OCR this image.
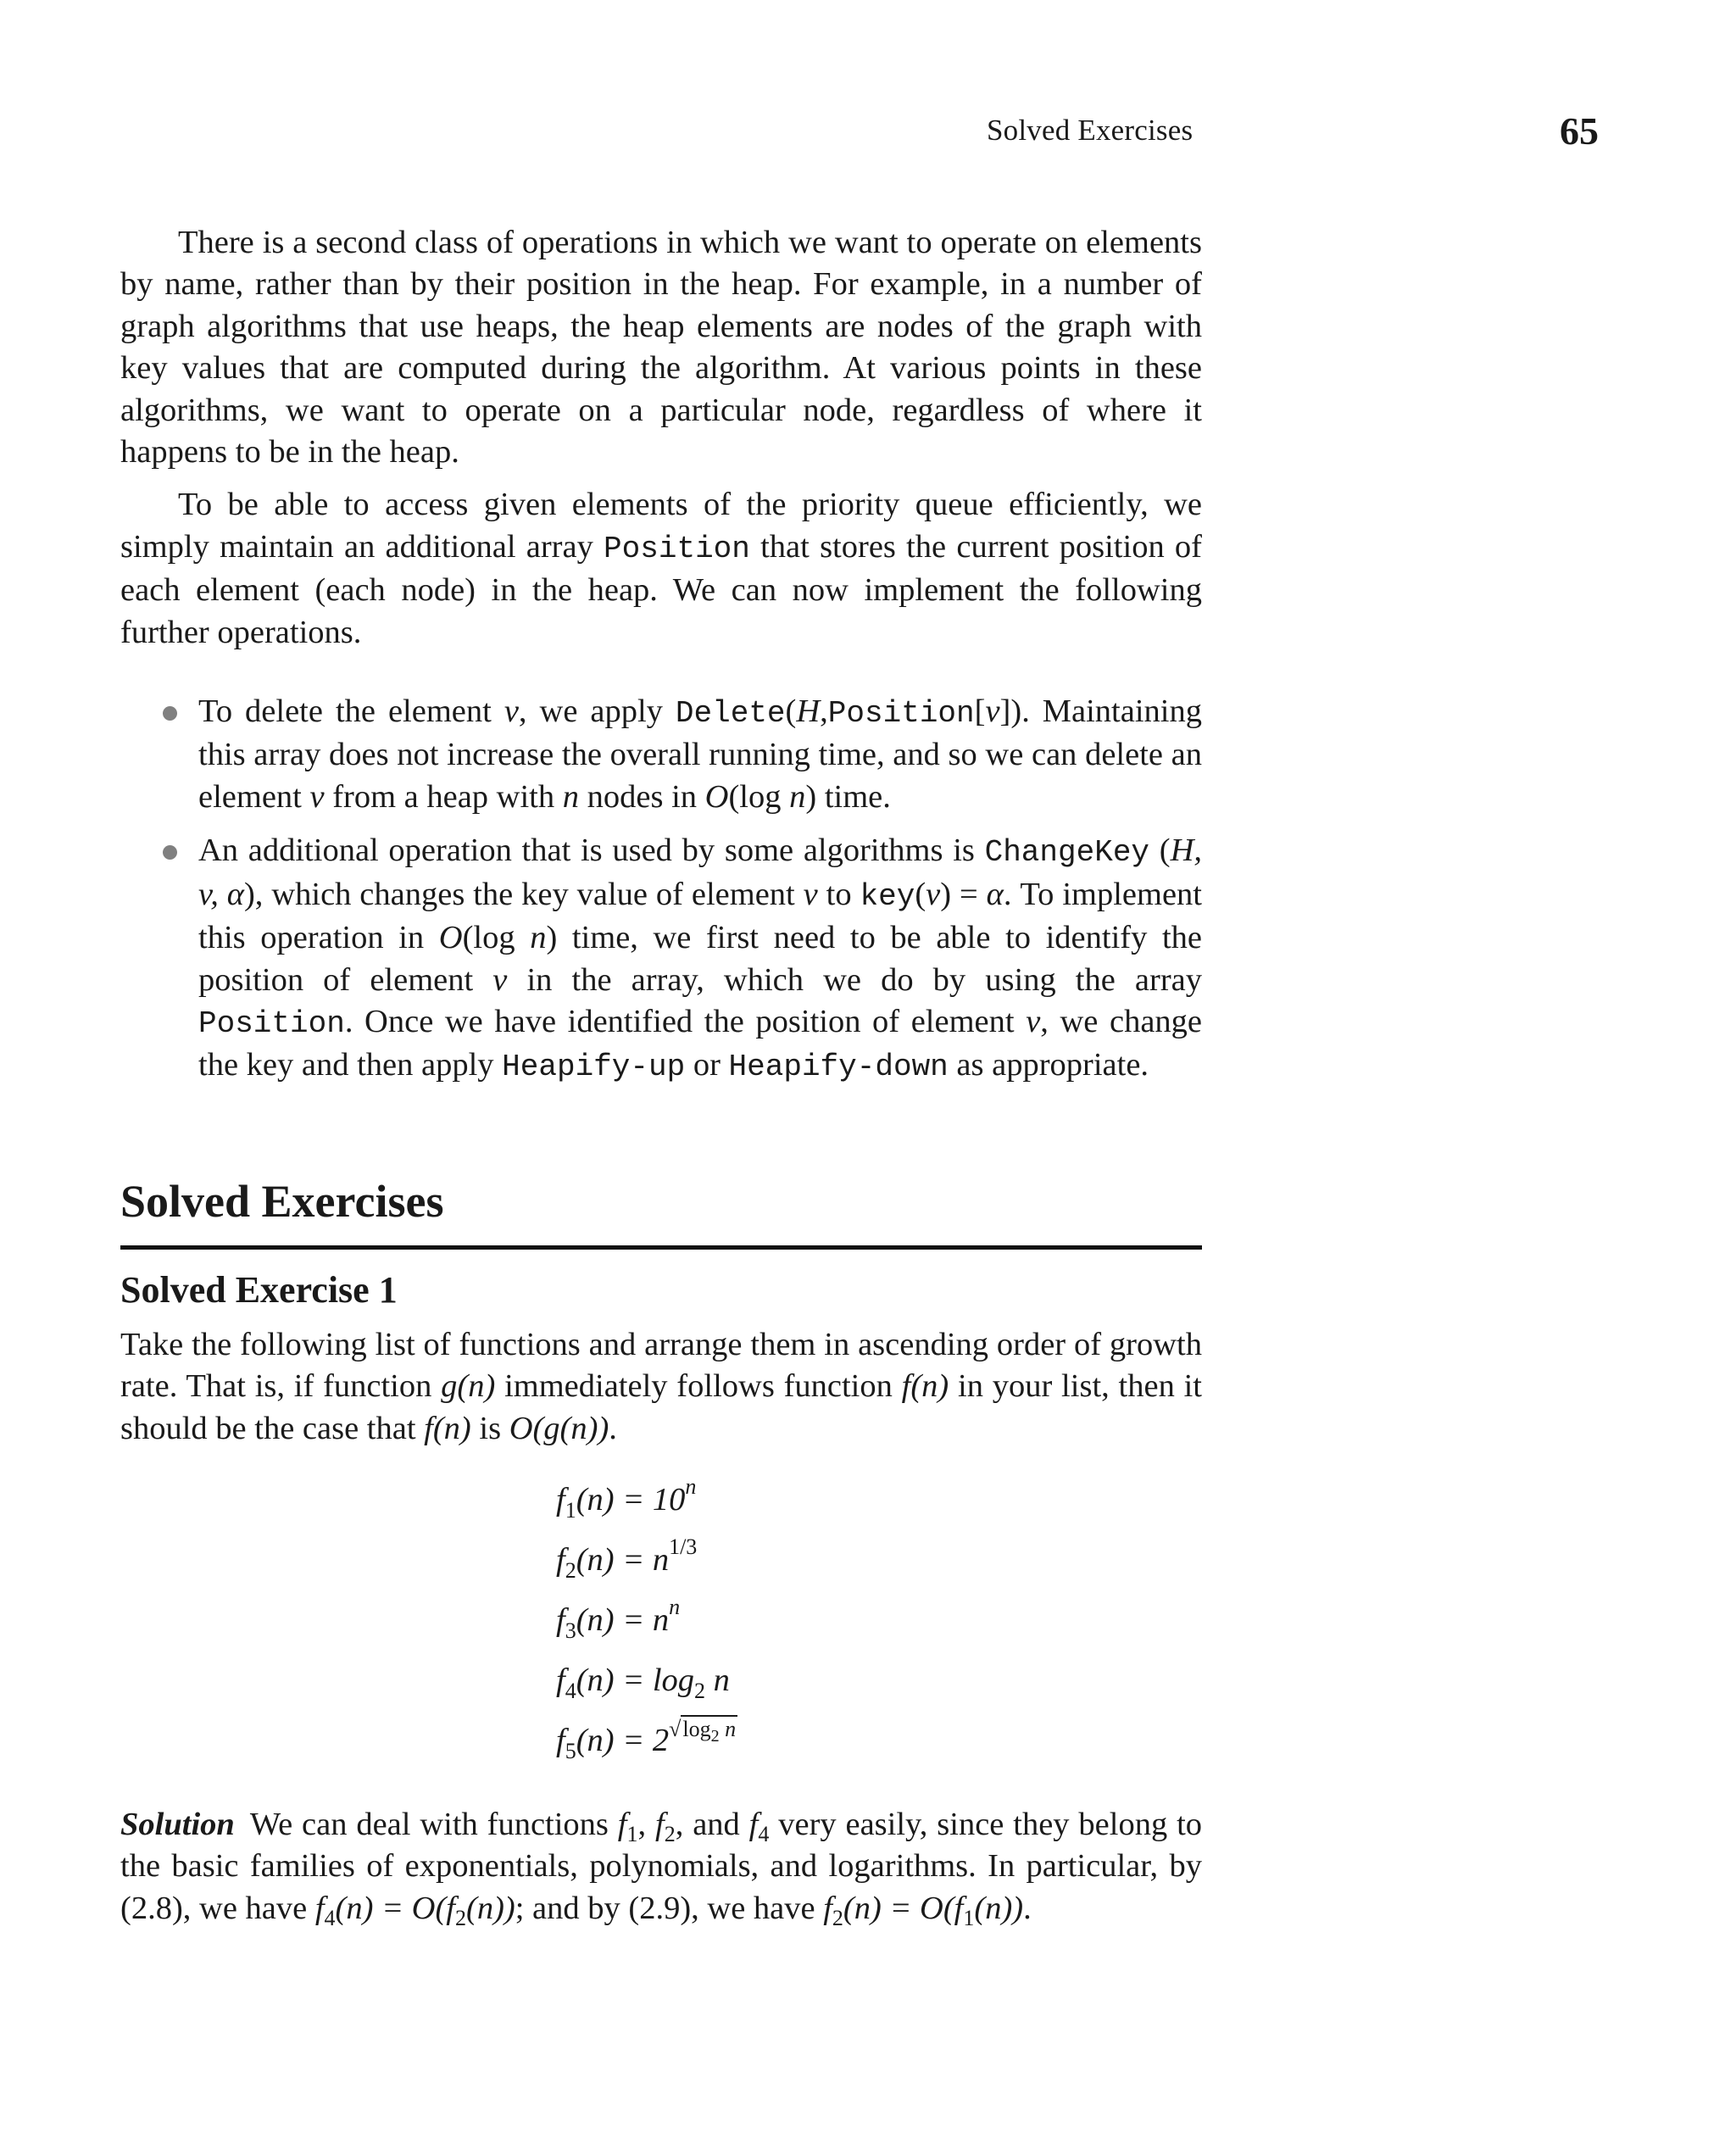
Solved Exercises	65

There is a second class of operations in which we want to operate on elements by name, rather than by their position in the heap. For example, in a number of graph algorithms that use heaps, the heap elements are nodes of the graph with key values that are computed during the algorithm. At various points in these algorithms, we want to operate on a particular node, regardless of where it happens to be in the heap.

To be able to access given elements of the priority queue efficiently, we simply maintain an additional array Position that stores the current position of each element (each node) in the heap. We can now implement the following further operations.

To delete the element v, we apply Delete(H,Position[v]). Maintaining this array does not increase the overall running time, and so we can delete an element v from a heap with n nodes in O(log n) time.
An additional operation that is used by some algorithms is ChangeKey (H, v, α), which changes the key value of element v to key(v) = α. To implement this operation in O(log n) time, we first need to be able to identify the position of element v in the array, which we do by using the array Position. Once we have identified the position of element v, we change the key and then apply Heapify-up or Heapify-down as appropriate.
Solved Exercises
Solved Exercise 1

Take the following list of functions and arrange them in ascending order of growth rate. That is, if function g(n) immediately follows function f(n) in your list, then it should be the case that f(n) is O(g(n)).

$f_1(n) = 10^n$
$f_2(n) = n^{1/3}$
$f_3(n) = n^n$
$f_4(n) = \log_2 n$
$f_5(n) = 2^{√log_2 n}$

Solution We can deal with functions $f_1$, $f_2$, and $f_4$ very easily, since they belong to the basic families of exponentials, polynomials, and logarithms. In particular, by (2.8), we have $f_4(n) = O(f_2(n))$; and by (2.9), we have $f_2(n) = O(f_1(n))$.
